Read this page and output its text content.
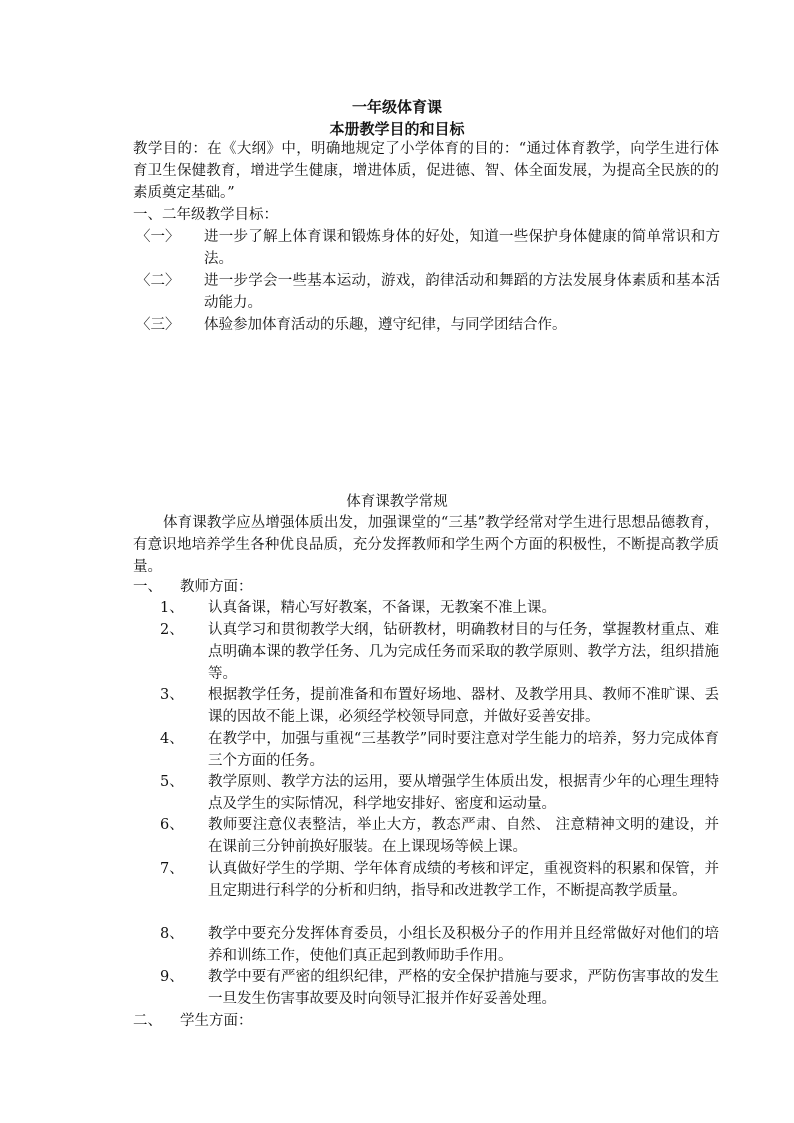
一年级体育课
本册教学目的和目标
教学目的：在《大纲》中，明确地规定了小学体育的目的：“通过体育教学，向学生进行体育卫生保健教育，增进学生健康，增进体质，促进德、智、体全面发展，为提高全民族的的素质奠定基础。”
一、二年级教学目标：
〈一〉 进一步了解上体育课和锻炼身体的好处，知道一些保护身体健康的简单常识和方法。
〈二〉 进一步学会一些基本运动，游戏，韵律活动和舞蹈的方法发展身体素质和基本活动能力。
〈三〉 体验参加体育活动的乐趣，遵守纪律，与同学团结合作。
体育课教学常规
体育课教学应丛增强体质出发，加强课堂的“三基”教学经常对学生进行思想品德教育，有意识地培养学生各种优良品质，充分发挥教师和学生两个方面的积极性，不断提高教学质量。
一、 教师方面：
1、 认真备课，精心写好教案，不备课，无教案不准上课。
2、 认真学习和贯彻教学大纲，钻研教材，明确教材目的与任务，掌握教材重点、难点明确本课的教学任务、几为完成任务而采取的教学原则、教学方法，组织措施等。
3、 根据教学任务，提前准备和布置好场地、器材、及教学用具、教师不准旷课、丢课的因故不能上课，必须经学校领导同意，并做好妥善安排。
4、 在教学中，加强与重视“三基教学”同时要注意对学生能力的培养，努力完成体育三个方面的任务。
5、 教学原则、教学方法的运用，要从增强学生体质出发，根据青少年的心理生理特点及学生的实际情况，科学地安排好、密度和运动量。
6、 教师要注意仪表整洁，举止大方，教态严肃、自然、 注意精神文明的建设，并在课前三分钟前换好服装。在上课现场等候上课。
7、 认真做好学生的学期、学年体育成绩的考核和评定，重视资料的积累和保管，并且定期进行科学的分析和归纳，指导和改进教学工作，不断提高教学质量。
8、 教学中要充分发挥体育委员，小组长及积极分子的作用并且经常做好对他们的培养和训练工作，使他们真正起到教师助手作用。
9、 教学中要有严密的组织纪律，严格的安全保护措施与要求，严防伤害事故的发生一旦发生伤害事故要及时向领导汇报并作好妥善处理。
二、 学生方面：
